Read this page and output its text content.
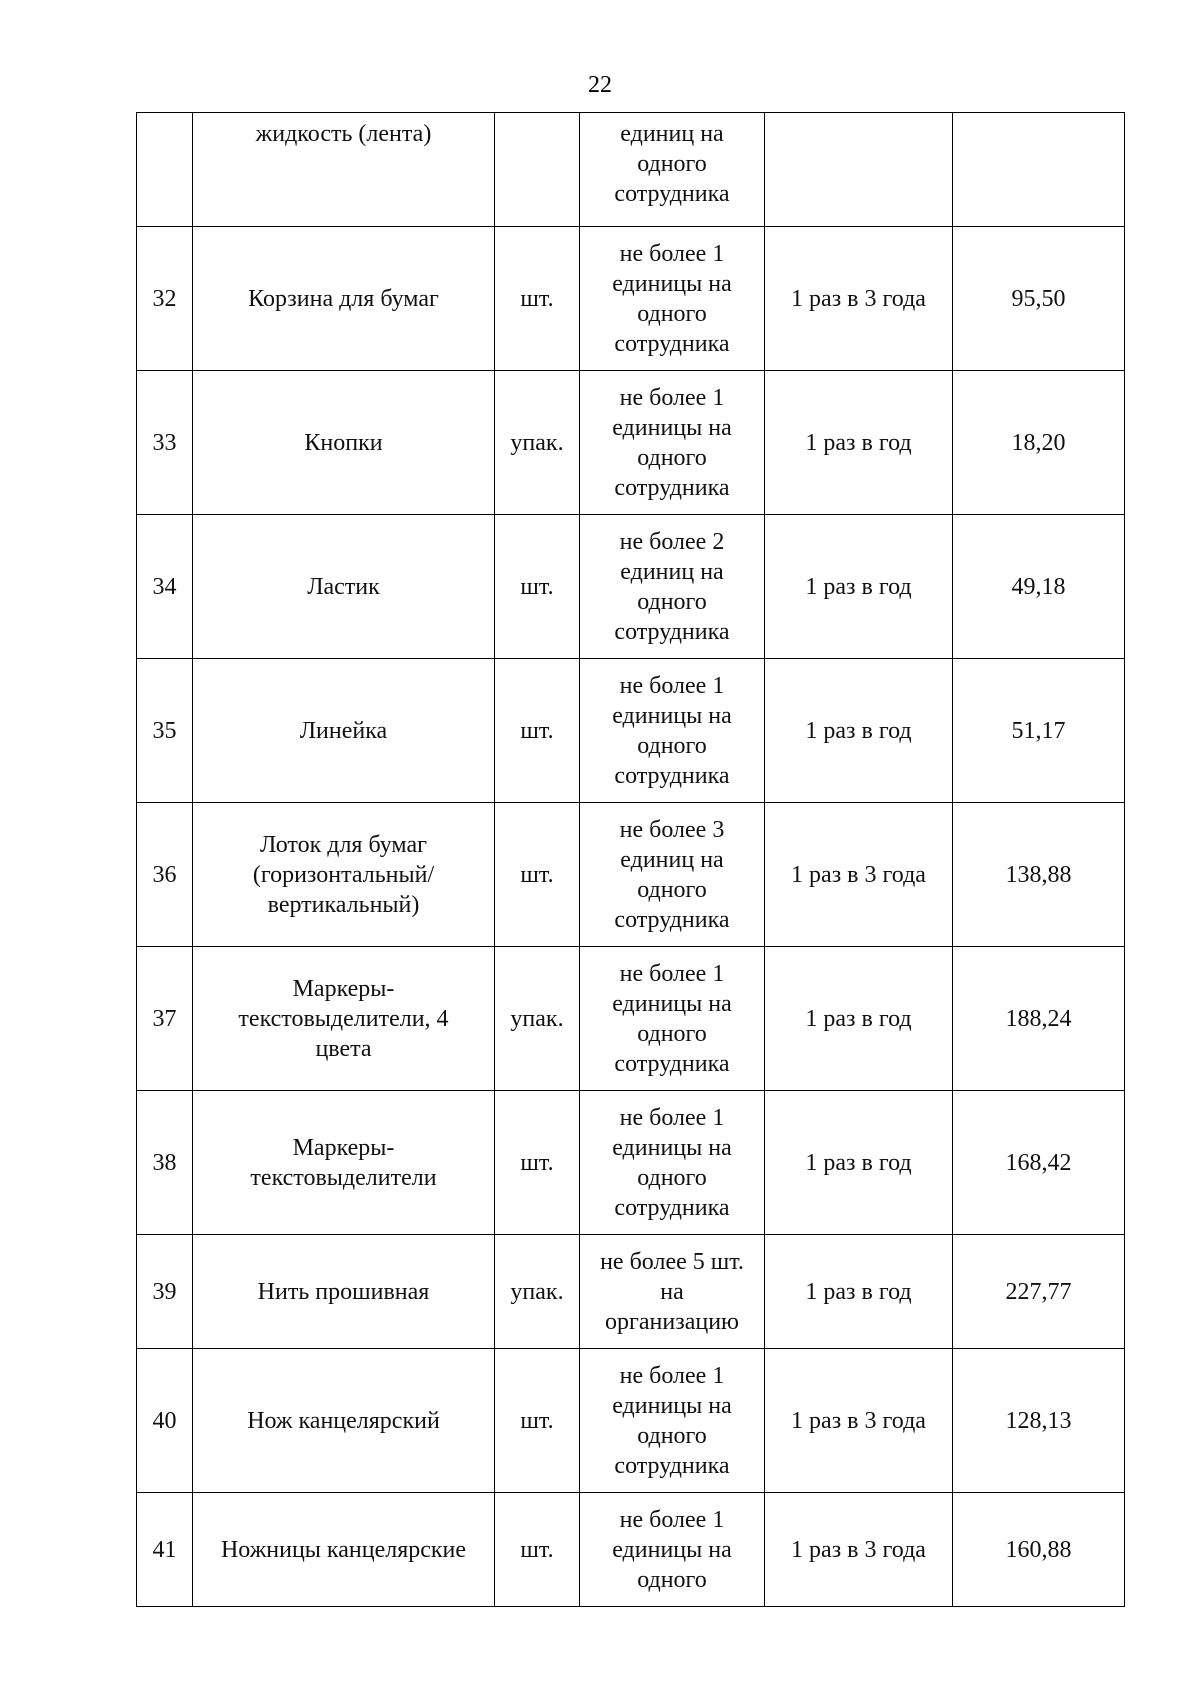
22
	жидкость (лента)		единиц на
одного
сотрудника		
32	Корзина для бумаг	шт.	не более 1
единицы на
одного
сотрудника	1 раз в 3 года	95,50
33	Кнопки	упак.	не более 1
единицы на
одного
сотрудника	1 раз в год	18,20
34	Ластик	шт.	не более 2
единиц на
одного
сотрудника	1 раз в год	49,18
35	Линейка	шт.	не более 1
единицы на
одного
сотрудника	1 раз в год	51,17
36	Лоток для бумаг
(горизонтальный/
вертикальный)	шт.	не более 3
единиц на
одного
сотрудника	1 раз в 3 года	138,88
37	Маркеры-
текстовыделители, 4
цвета	упак.	не более 1
единицы на
одного
сотрудника	1 раз в год	188,24
38	Маркеры-
текстовыделители	шт.	не более 1
единицы на
одного
сотрудника	1 раз в год	168,42
39	Нить прошивная	упак.	не более 5 шт.
на
организацию	1 раз в год	227,77
40	Нож канцелярский	шт.	не более 1
единицы на
одного
сотрудника	1 раз в 3 года	128,13
41	Ножницы канцелярские	шт.	не более 1
единицы на
одного	1 раз в 3 года	160,88
